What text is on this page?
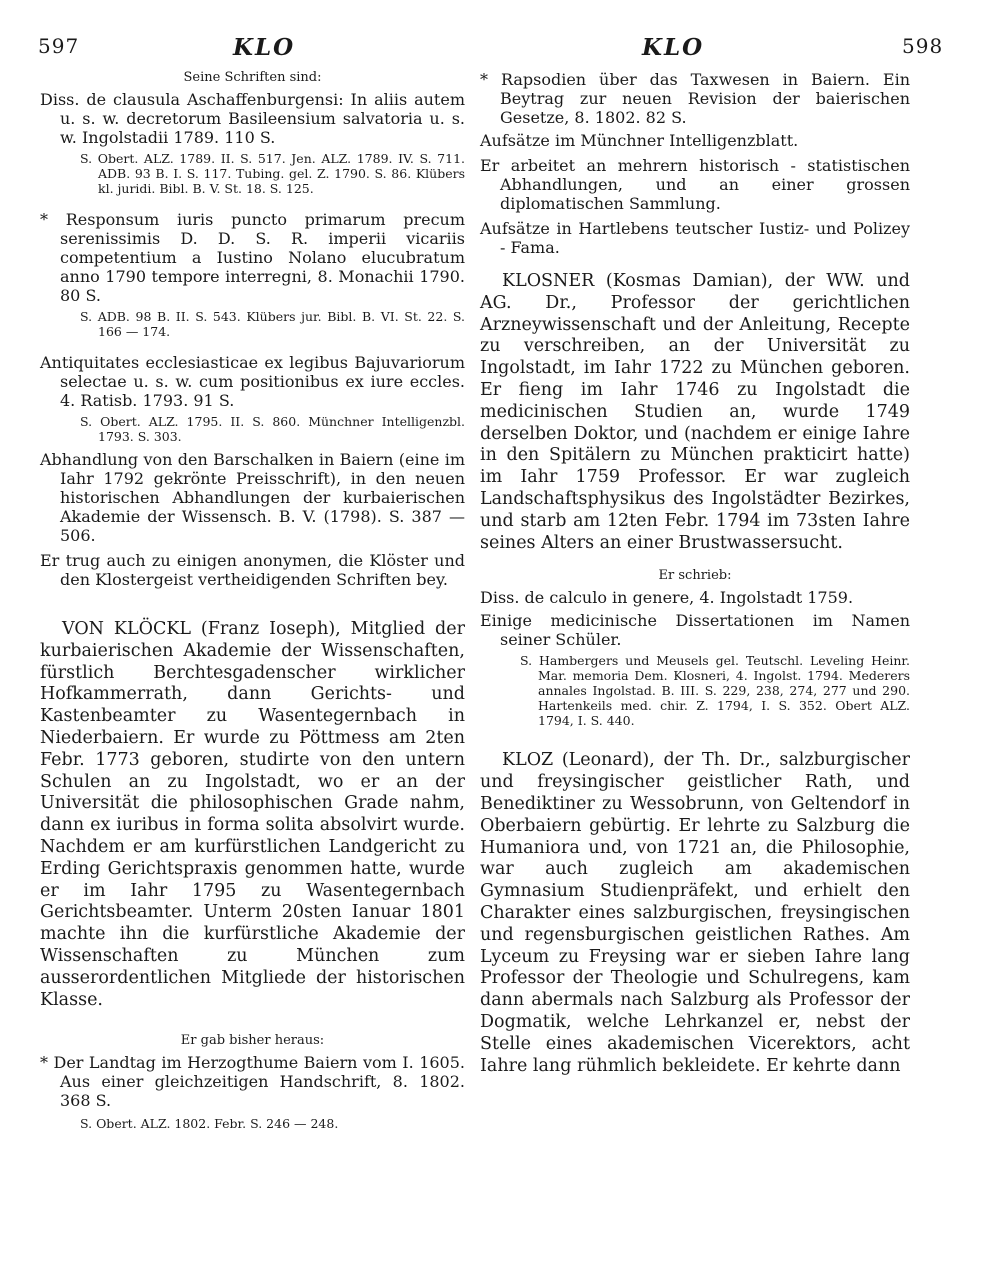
597	KLO	KLO	598

Seine Schriften sind:

Diss. de clausula Aschaffenburgensi: In aliis autem u. s. w. decretorum Basileensium salvatoria u. s. w. Ingolstadii 1789. 110 S.

S. Obert. ALZ. 1789. II. S. 517. Jen. ALZ. 1789. IV. S. 711. ADB. 93 B. I. S. 117. Tubing. gel. Z. 1790. S. 86. Klübers kl. juridi. Bibl. B. V. St. 18. S. 125.

* Responsum iuris puncto primarum precum serenissimis D. D. S. R. imperii vicariis competentium a Iustino Nolano elucubratum anno 1790 tempore interregni, 8. Monachii 1790. 80 S.

S. ADB. 98 B. II. S. 543. Klübers jur. Bibl. B. VI. St. 22. S. 166 — 174.

Antiquitates ecclesiasticae ex legibus Bajuvariorum selectae u. s. w. cum positionibus ex iure eccles. 4. Ratisb. 1793. 91 S.

S. Obert. ALZ. 1795. II. S. 860. Münchner Intelligenzbl. 1793. S. 303.

Abhandlung von den Barschalken in Baiern (eine im Iahr 1792 gekrönte Preisschrift), in den neuen historischen Abhandlungen der kurbaierischen Akademie der Wissensch. B. V. (1798). S. 387 — 506.

Er trug auch zu einigen anonymen, die Klöster und den Klostergeist vertheidigenden Schriften bey.

VON KLÖCKL (Franz Ioseph), Mitglied der kurbaierischen Akademie der Wissenschaften, fürstlich Berchtesgadenscher wirklicher Hofkammerrath, dann Gerichts- und Kastenbeamter zu Wasentegernbach in Niederbaiern. Er wurde zu Pöttmess am 2ten Febr. 1773 geboren, studirte von den untern Schulen an zu Ingolstadt, wo er an der Universität die philosophischen Grade nahm, dann ex iuribus in forma solita absolvirt wurde. Nachdem er am kurfürstlichen Landgericht zu Erding Gerichtspraxis genommen hatte, wurde er im Iahr 1795 zu Wasentegernbach Gerichtsbeamter. Unterm 20sten Ianuar 1801 machte ihn die kurfürstliche Akademie der Wissenschaften zu München zum ausserordentlichen Mitgliede der historischen Klasse.

Er gab bisher heraus:

* Der Landtag im Herzogthume Baiern vom I. 1605. Aus einer gleichzeitigen Handschrift, 8. 1802. 368 S.

S. Obert. ALZ. 1802. Febr. S. 246 — 248.

* Rapsodien über das Taxwesen in Baiern. Ein Beytrag zur neuen Revision der baierischen Gesetze, 8. 1802. 82 S.

Aufsätze im Münchner Intelligenzblatt.

Er arbeitet an mehrern historisch - statistischen Abhandlungen, und an einer grossen diplomatischen Sammlung.

Aufsätze in Hartlebens teutscher Iustiz- und Polizey - Fama.

KLOSNER (Kosmas Damian), der WW. und AG. Dr., Professor der gerichtlichen Arzneywissenschaft und der Anleitung, Recepte zu verschreiben, an der Universität zu Ingolstadt, im Iahr 1722 zu München geboren. Er fieng im Iahr 1746 zu Ingolstadt die medicinischen Studien an, wurde 1749 derselben Doktor, und (nachdem er einige Iahre in den Spitälern zu München prakticirt hatte) im Iahr 1759 Professor. Er war zugleich Landschaftsphysikus des Ingolstädter Bezirkes, und starb am 12ten Febr. 1794 im 73sten Iahre seines Alters an einer Brustwassersucht.

Er schrieb:

Diss. de calculo in genere, 4. Ingolstadt 1759.

Einige medicinische Dissertationen im Namen seiner Schüler.

S. Hambergers und Meusels gel. Teutschl. Leveling Heinr. Mar. memoria Dem. Klosneri, 4. Ingolst. 1794. Mederers annales Ingolstad. B. III. S. 229, 238, 274, 277 und 290. Hartenkeils med. chir. Z. 1794, I. S. 352. Obert ALZ. 1794, I. S. 440.

KLOZ (Leonard), der Th. Dr., salzburgischer und freysingischer geistlicher Rath, und Benediktiner zu Wessobrunn, von Geltendorf in Oberbaiern gebürtig. Er lehrte zu Salzburg die Humaniora und, von 1721 an, die Philosophie, war auch zugleich am akademischen Gymnasium Studienpräfekt, und erhielt den Charakter eines salzburgischen, freysingischen und regensburgischen geistlichen Rathes. Am Lyceum zu Freysing war er sieben Iahre lang Professor der Theologie und Schulregens, kam dann abermals nach Salzburg als Professor der Dogmatik, welche Lehrkanzel er, nebst der Stelle eines akademischen Vicerektors, acht Iahre lang rühmlich bekleidete. Er kehrte dann
